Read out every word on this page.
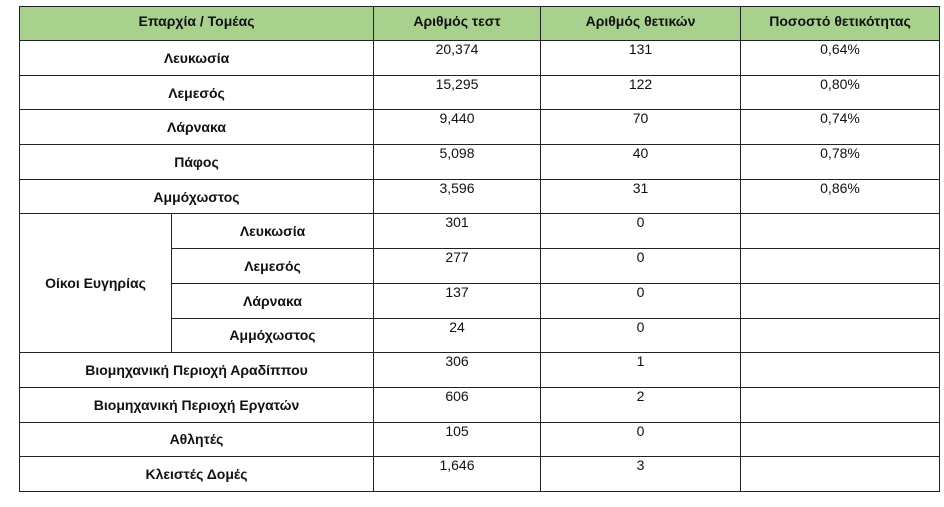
Επαρχία / Τομέας		Αριθμός τεστ	Αριθμός θετικών	Ποσοστό θετικότητας
Λευκωσία		20,374	131	0,64%
Λεμεσός		15,295	122	0,80%
Λάρνακα		9,440	70	0,74%
Πάφος		5,098	40	0,78%
Αμμόχωστος		3,596	31	0,86%
Οίκοι Ευγηρίας	Λευκωσία	301	0	
	Λεμεσός	277	0	
	Λάρνακα	137	0	
	Αμμόχωστος	24	0	
Βιομηχανική Περιοχή Αραδίππου		306	1	
Βιομηχανική Περιοχή Εργατών		606	2	
Αθλητές		105	0	
Κλειστές Δομές		1,646	3	
